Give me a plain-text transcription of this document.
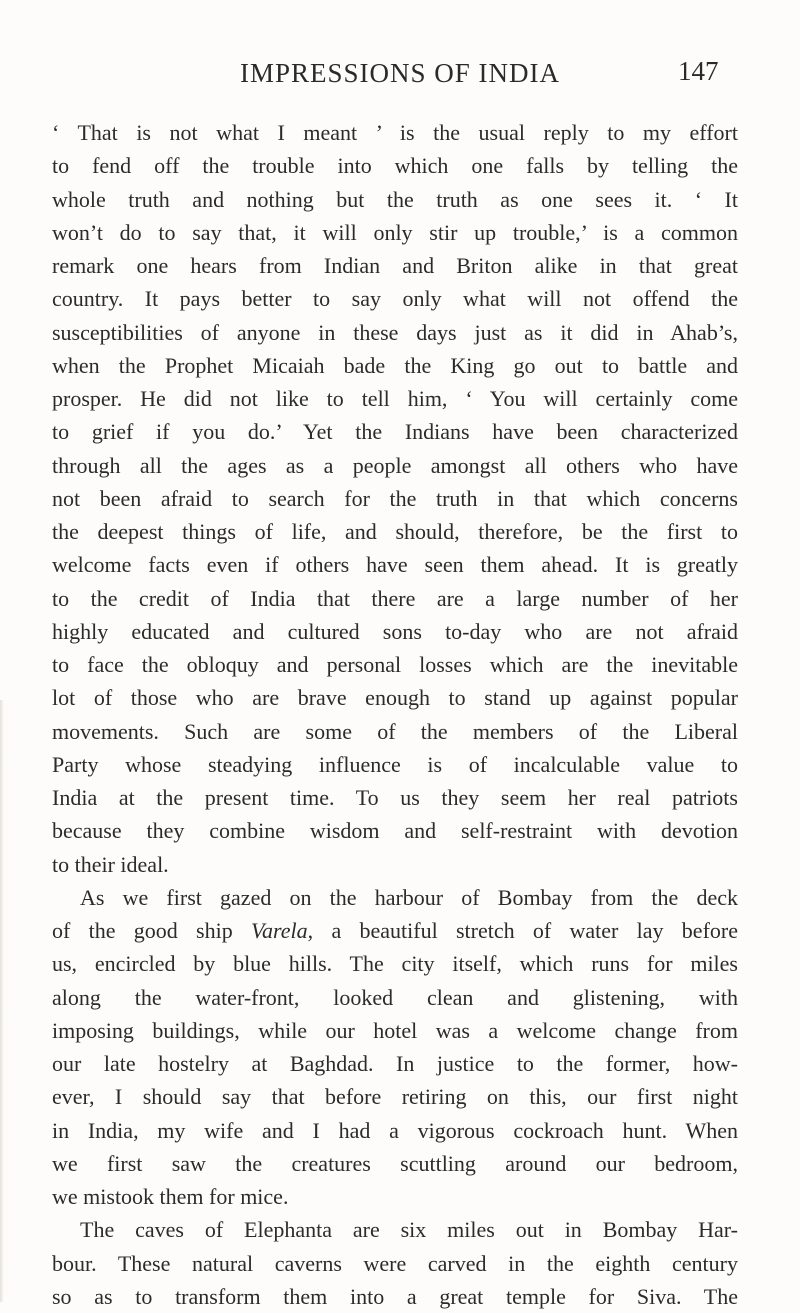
IMPRESSIONS OF INDIA	147
‘ That is not what I meant ’ is the usual reply to my effort
to fend off the trouble into which one falls by telling the
whole truth and nothing but the truth as one sees it. ‘ It
won’t do to say that, it will only stir up trouble,’ is a common
remark one hears from Indian and Briton alike in that great
country. It pays better to say only what will not offend the
susceptibilities of anyone in these days just as it did in Ahab’s,
when the Prophet Micaiah bade the King go out to battle and
prosper. He did not like to tell him, ‘ You will certainly come
to grief if you do.’ Yet the Indians have been characterized
through all the ages as a people amongst all others who have
not been afraid to search for the truth in that which concerns
the deepest things of life, and should, therefore, be the first to
welcome facts even if others have seen them ahead. It is greatly
to the credit of India that there are a large number of her
highly educated and cultured sons to-day who are not afraid
to face the obloquy and personal losses which are the inevitable
lot of those who are brave enough to stand up against popular
movements. Such are some of the members of the Liberal
Party whose steadying influence is of incalculable value to
India at the present time. To us they seem her real patriots
because they combine wisdom and self-restraint with devotion
to their ideal.
As we first gazed on the harbour of Bombay from the deck
of the good ship Varela, a beautiful stretch of water lay before
us, encircled by blue hills. The city itself, which runs for miles
along the water-front, looked clean and glistening, with
imposing buildings, while our hotel was a welcome change from
our late hostelry at Baghdad. In justice to the former, how-
ever, I should say that before retiring on this, our first night
in India, my wife and I had a vigorous cockroach hunt. When
we first saw the creatures scuttling around our bedroom,
we mistook them for mice.
The caves of Elephanta are six miles out in Bombay Har-
bour. These natural caverns were carved in the eighth century
so as to transform them into a great temple for Siva. The
